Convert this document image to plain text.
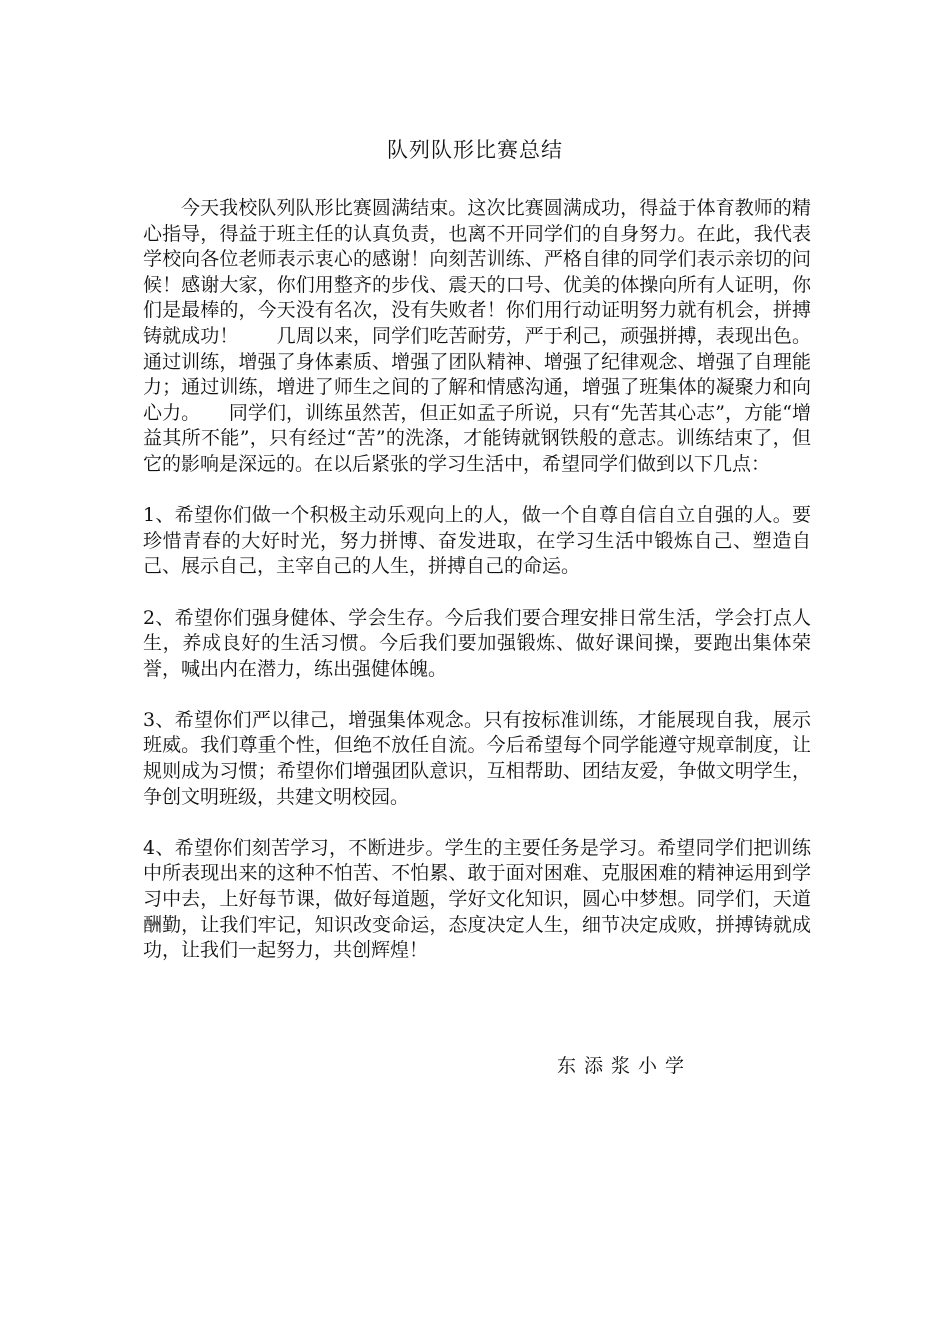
队列队形比赛总结

今天我校队列队形比赛圆满结束。这次比赛圆满成功，得益于体育教师的精心指导，得益于班主任的认真负责，也离不开同学们的自身努力。在此，我代表学校向各位老师表示衷心的感谢！向刻苦训练、严格自律的同学们表示亲切的问候！感谢大家，你们用整齐的步伐、震天的口号、优美的体操向所有人证明，你们是最棒的，今天没有名次，没有失败者！你们用行动证明努力就有机会，拼搏铸就成功！　　几周以来，同学们吃苦耐劳，严于利己，顽强拼搏，表现出色。通过训练，增强了身体素质、增强了团队精神、增强了纪律观念、增强了自理能力；通过训练，增进了师生之间的了解和情感沟通，增强了班集体的凝聚力和向心力。　　同学们，训练虽然苦，但正如孟子所说，只有“先苦其心志”，方能“增益其所不能”，只有经过“苦”的洗涤，才能铸就钢铁般的意志。训练结束了，但它的影响是深远的。在以后紧张的学习生活中，希望同学们做到以下几点：

1、希望你们做一个积极主动乐观向上的人，做一个自尊自信自立自强的人。要珍惜青春的大好时光，努力拼博、奋发进取，在学习生活中锻炼自己、塑造自己、展示自己，主宰自己的人生，拼搏自己的命运。

2、希望你们强身健体、学会生存。今后我们要合理安排日常生活，学会打点人生，养成良好的生活习惯。今后我们要加强锻炼、做好课间操，要跑出集体荣誉，喊出内在潜力，练出强健体魄。

3、希望你们严以律己，增强集体观念。只有按标准训练，才能展现自我，展示班威。我们尊重个性，但绝不放任自流。今后希望每个同学能遵守规章制度，让规则成为习惯；希望你们增强团队意识，互相帮助、团结友爱，争做文明学生，争创文明班级，共建文明校园。

4、希望你们刻苦学习，不断进步。学生的主要任务是学习。希望同学们把训练中所表现出来的这种不怕苦、不怕累、敢于面对困难、克服困难的精神运用到学习中去，上好每节课，做好每道题，学好文化知识，圆心中梦想。同学们，天道酬勤，让我们牢记，知识改变命运，态度决定人生，细节决定成败，拼搏铸就成功，让我们一起努力，共创辉煌！

东添浆小学
